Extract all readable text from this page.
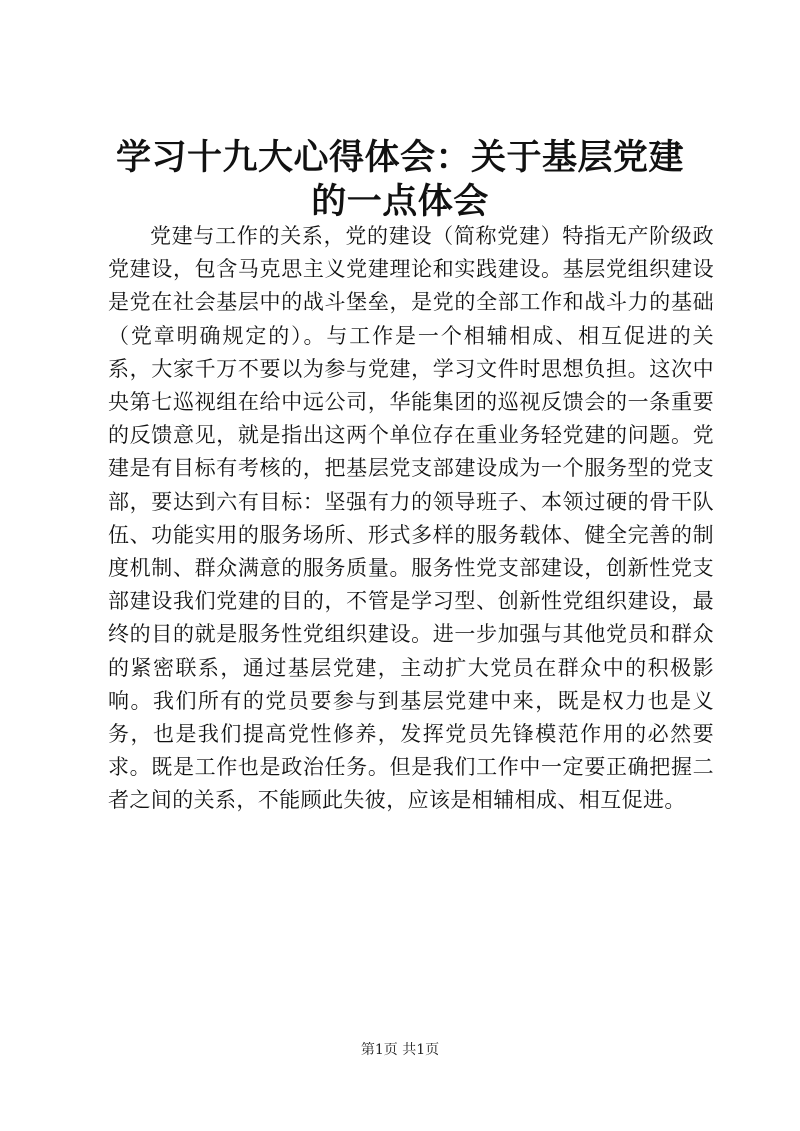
学习十九大心得体会：关于基层党建的一点体会

党建与工作的关系，党的建设（简称党建）特指无产阶级政党建设，包含马克思主义党建理论和实践建设。基层党组织建设是党在社会基层中的战斗堡垒，是党的全部工作和战斗力的基础（党章明确规定的）。与工作是一个相辅相成、相互促进的关系，大家千万不要以为参与党建，学习文件时思想负担。这次中央第七巡视组在给中远公司，华能集团的巡视反馈会的一条重要的反馈意见，就是指出这两个单位存在重业务轻党建的问题。党建是有目标有考核的，把基层党支部建设成为一个服务型的党支部，要达到六有目标：坚强有力的领导班子、本领过硬的骨干队伍、功能实用的服务场所、形式多样的服务载体、健全完善的制度机制、群众满意的服务质量。服务性党支部建设，创新性党支部建设我们党建的目的，不管是学习型、创新性党组织建设，最终的目的就是服务性党组织建设。进一步加强与其他党员和群众的紧密联系，通过基层党建，主动扩大党员在群众中的积极影响。我们所有的党员要参与到基层党建中来，既是权力也是义务，也是我们提高党性修养，发挥党员先锋模范作用的必然要求。既是工作也是政治任务。但是我们工作中一定要正确把握二者之间的关系，不能顾此失彼，应该是相辅相成、相互促进。

第1页 共1页
